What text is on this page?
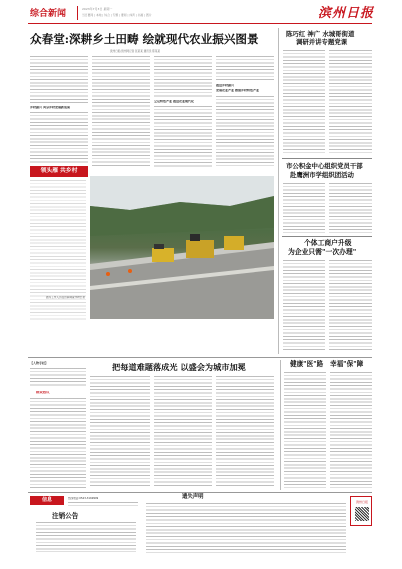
综合新闻	2023年7月3日 星期一
当日要闻 | 本地 | 综合 | 专题 | 要闻 | 体育 | 书画 | 图片	滨州日报
众春堂:深耕乡土田畴 绘就现代农业振兴图景
滨州日报/滨州网记者 张某某 通讯员 陈某某
乡村振兴 共享乡村发展新成果
立足特色产业 推进农业现代化
推进乡村振兴
发展农业产业 做强乡村特色产业
领头雁 共乡村
图为工作人员在田间调查作物长势
陈巧红 神广 水城哥街道
调研并讲专题党课
市公积金中心组织党员干部
赴鹰洲市学组织团活动
个体工商户升级
为企业只需"一次办理"
【人物专栏】	把每道难题落成光 以盛会为城市加冕
群众热议
健康"医"路 幸福"保"障
信息	热线电话:0543-3169999
注销公告
遗失声明
滨州日报
